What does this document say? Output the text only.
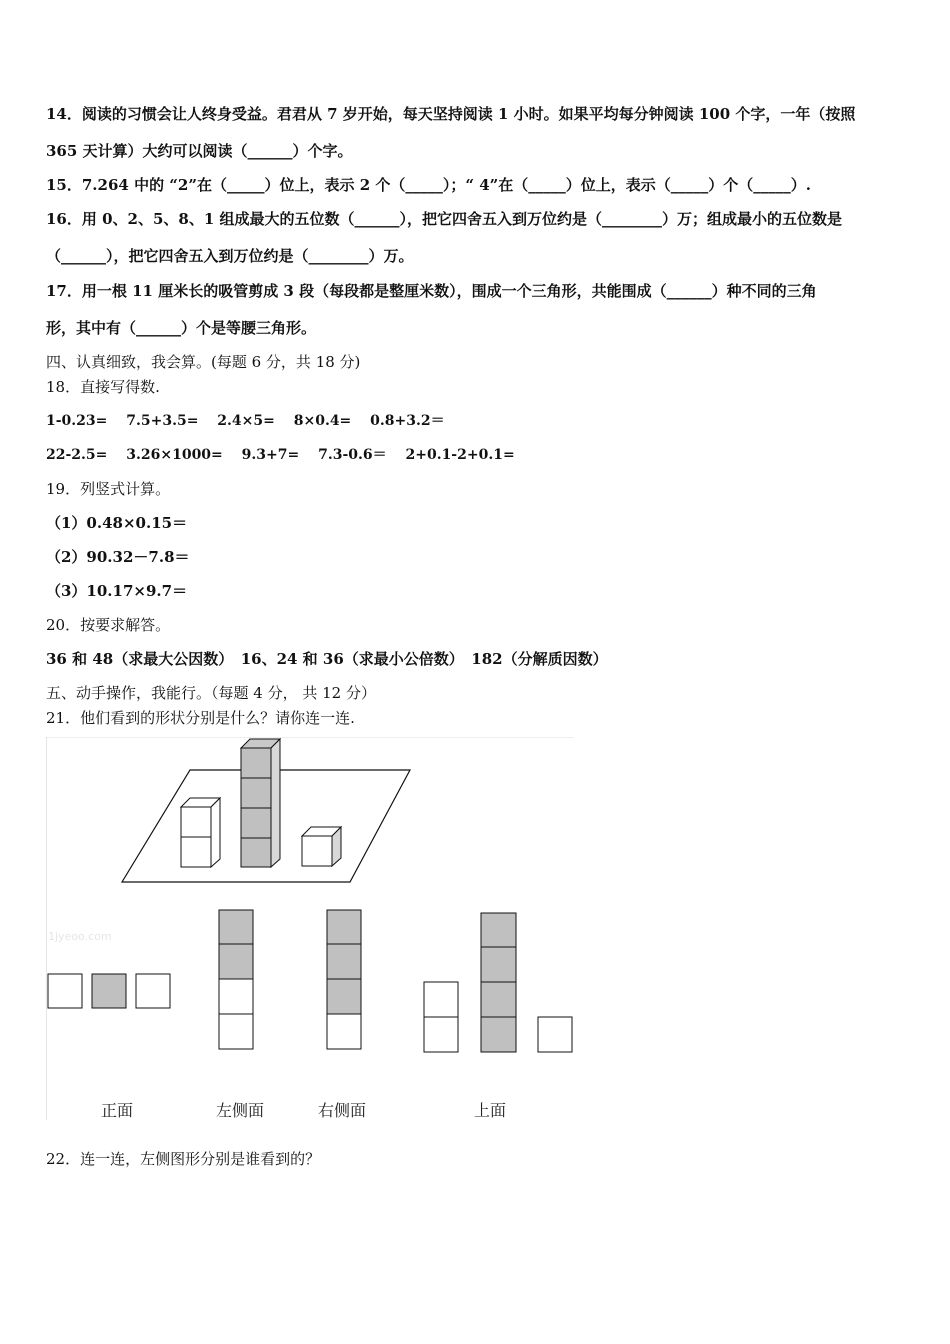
14．阅读的习惯会让人终身受益。君君从 7 岁开始，每天坚持阅读 1 小时。如果平均每分钟阅读 100 个字，一年（按照
365 天计算）大约可以阅读（______）个字。
15．7.264 中的 “2”在（_____）位上，表示 2 个（_____）；“ 4”在（_____）位上，表示（_____）个（_____）.
16．用 0、2、5、8、1 组成最大的五位数（______），把它四舍五入到万位约是（________）万；组成最小的五位数是
（______），把它四舍五入到万位约是（________）万。
17．用一根 11 厘米长的吸管剪成 3 段（每段都是整厘米数），围成一个三角形，共能围成（______）种不同的三角
形，其中有（______）个是等腰三角形。
四、认真细致，我会算。(每题 6 分，共 18 分)
18．直接写得数.
1-0.23=　 7.5+3.5=　 2.4×5=　 8×0.4=　 0.8+3.2＝
22-2.5=　 3.26×1000=　 9.3+7=　 7.3-0.6＝　 2+0.1-2+0.1=
19．列竖式计算。
（1）0.48×0.15＝
（2）90.32－7.8＝
（3）10.17×9.7＝
20．按要求解答。
36 和 48（求最大公因数）　16、24 和 36（求最小公倍数）　182（分解质因数）
五、动手操作，我能行。（每题 4 分， 共 12 分）
21．他们看到的形状分别是什么？请你连一连.
1jyeoo.com
正面	左侧面	右侧面	上面
22．连一连，左侧图形分别是谁看到的？
